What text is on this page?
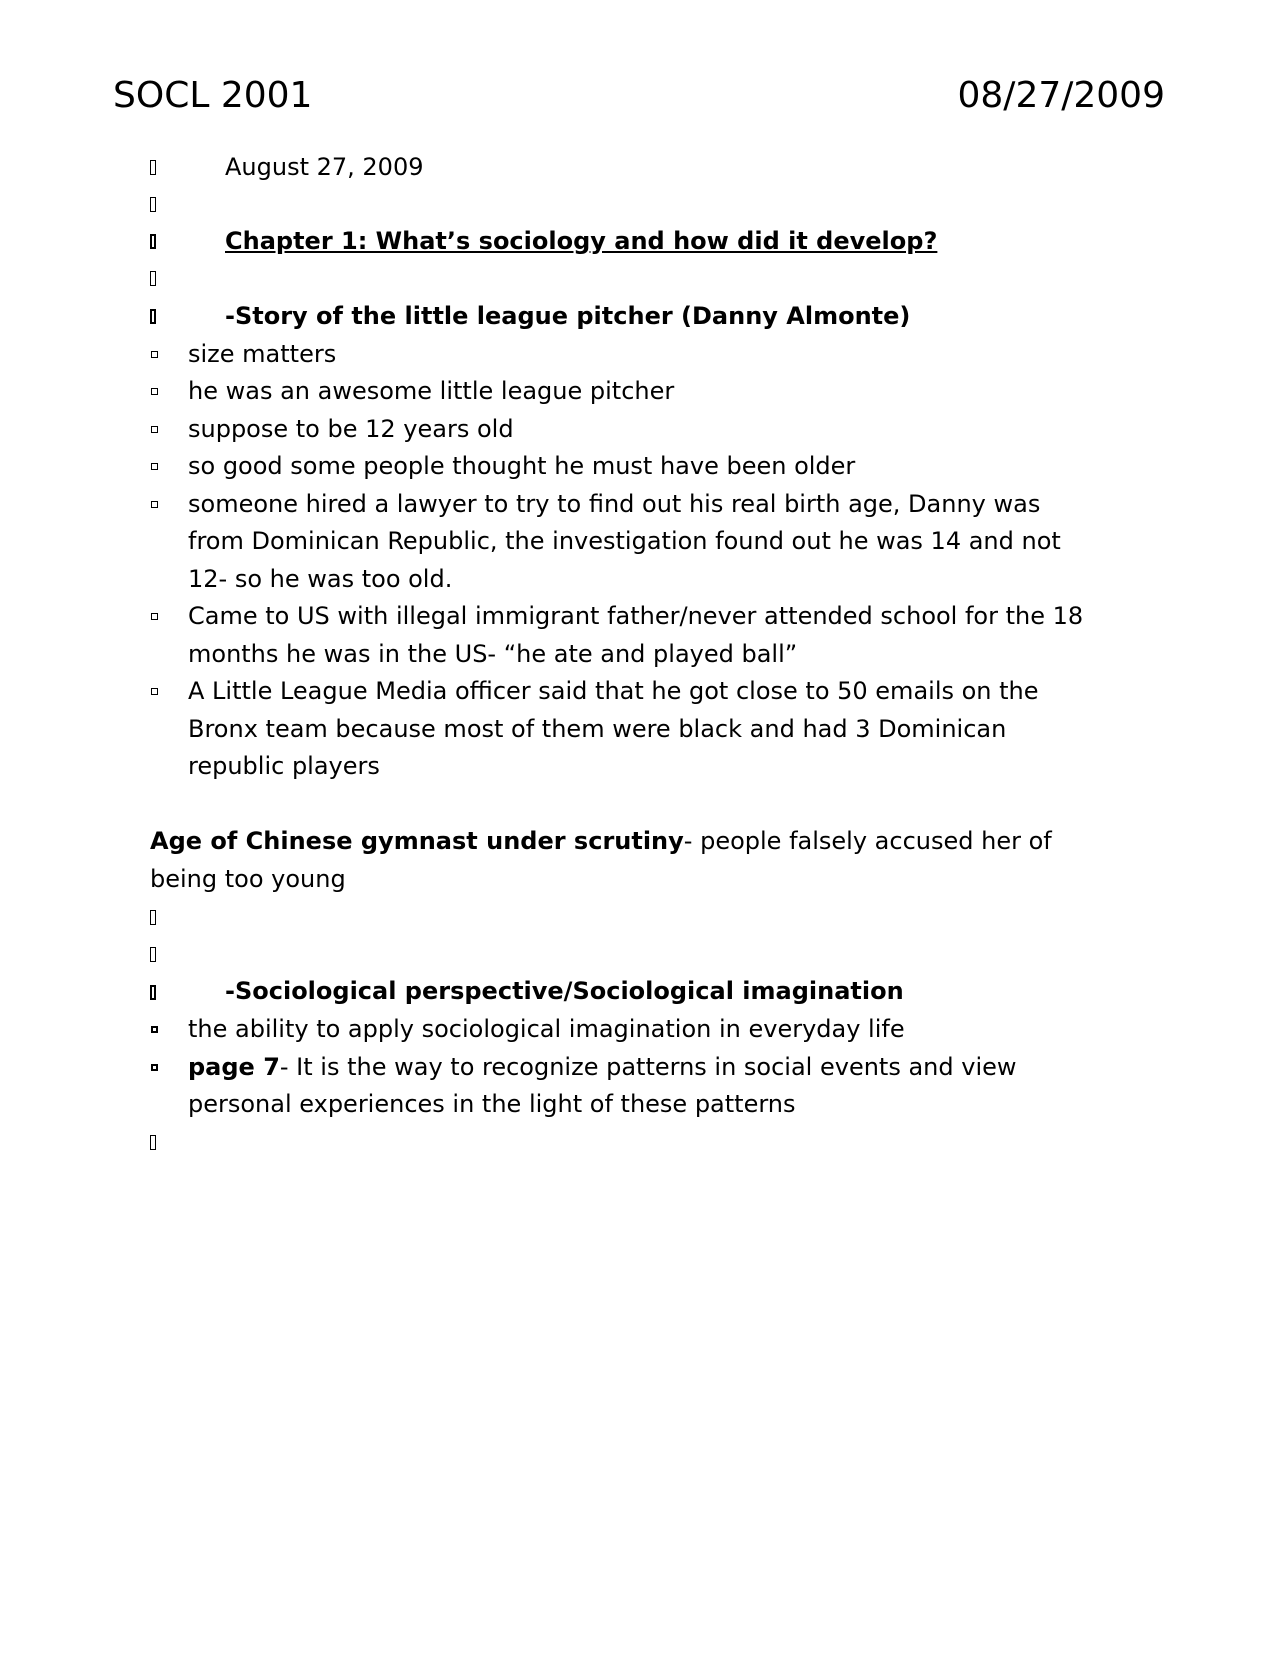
SOCL 2001	08/27/2009
August 27, 2009
Chapter 1: What’s sociology and how did it develop?
-Story of the little league pitcher (Danny Almonte)
size matters
he was an awesome little league pitcher
suppose to be 12 years old
so good some people thought he must have been older
someone hired a lawyer to try to find out his real birth age, Danny was
from Dominican Republic, the investigation found out he was 14 and not
12- so he was too old.
Came to US with illegal immigrant father/never attended school for the 18
months he was in the US- “he ate and played ball”
A Little League Media officer said that he got close to 50 emails on the
Bronx team because most of them were black and had 3 Dominican
republic players
Age of Chinese gymnast under scrutiny- people falsely accused her of
being too young
-Sociological perspective/Sociological imagination
the ability to apply sociological imagination in everyday life
page 7- It is the way to recognize patterns in social events and view
personal experiences in the light of these patterns
